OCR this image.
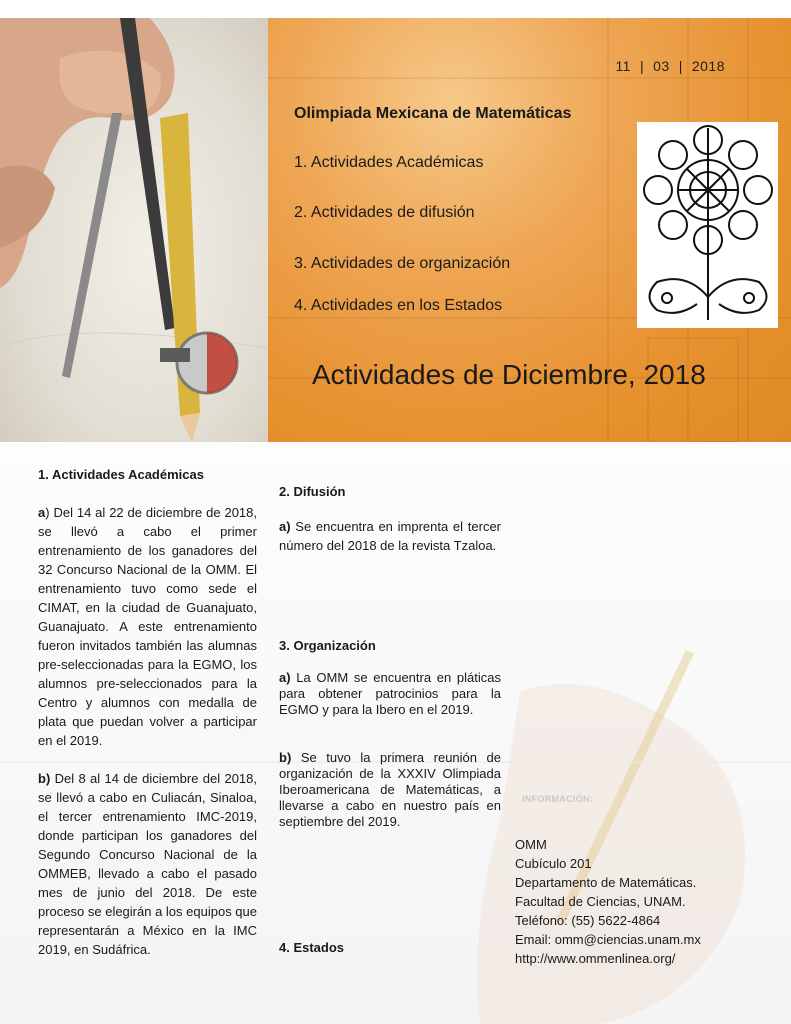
11 | 03 | 2018
Olimpiada Mexicana de Matemáticas
1. Actividades Académicas
2. Actividades de difusión
3. Actividades de organización
4. Actividades en los Estados
Actividades de Diciembre, 2018

1. Actividades Académicas

a) Del 14 al 22 de diciembre de 2018, se llevó a cabo el primer entrenamiento de los ganadores del 32 Concurso Nacional de la OMM. El entrenamiento tuvo como sede el CIMAT, en la ciudad de Guanajuato, Guanajuato. A este entrenamiento fueron invitados también las alumnas pre-seleccionadas para la EGMO, los alumnos pre-seleccionados para la Centro y alumnos con medalla de plata que puedan volver a participar en el 2019.

b) Del 8 al 14 de diciembre del 2018, se llevó a cabo en Culiacán, Sinaloa, el tercer entrenamiento IMC-2019, donde participan los ganadores del Segundo Concurso Nacional de la OMMEB, llevado a cabo el pasado mes de junio del 2018. De este proceso se elegirán a los equipos que representarán a México en la IMC 2019, en Sudáfrica.

2. Difusión

a) Se encuentra en imprenta el tercer número del 2018 de la revista Tzaloa.

3. Organización

a) La OMM se encuentra en pláticas para obtener patrocinios para la EGMO y para la Ibero en el 2019.

b) Se tuvo la primera reunión de organización de la XXXIV Olimpiada Iberoamericana de Matemáticas, a llevarse a cabo en nuestro país en septiembre del 2019.

4. Estados

INFORMACIÓN:
OMM
Cubículo 201
Departamento de Matemáticas.
Facultad de Ciencias, UNAM.
Teléfono: (55) 5622-4864
Email: omm@ciencias.unam.mx
http://www.ommenlinea.org/
